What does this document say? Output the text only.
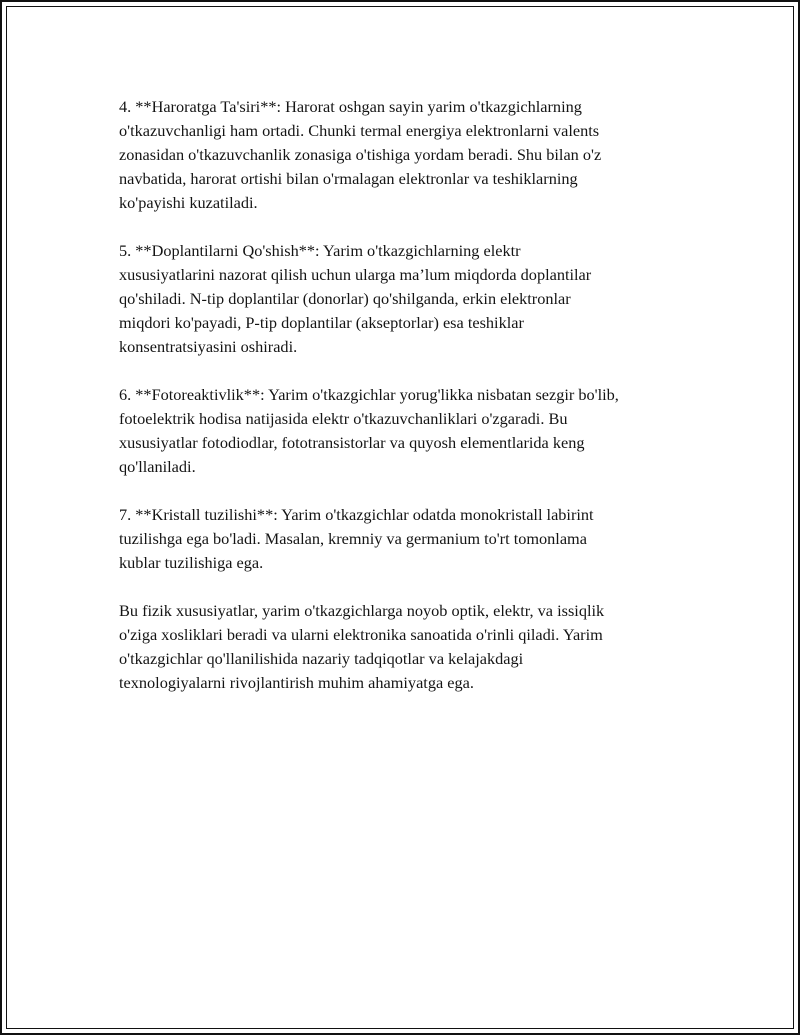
4. **Haroratga Ta'siri**: Harorat oshgan sayin yarim o'tkazgichlarning
o'tkazuvchanligi ham ortadi. Chunki termal energiya elektronlarni valents
zonasidan o'tkazuvchanlik zonasiga o'tishiga yordam beradi. Shu bilan o'z
navbatida, harorat ortishi bilan o'rmalagan elektronlar va teshiklarning
ko'payishi kuzatiladi.

5. **Doplantilarni Qo'shish**: Yarim o'tkazgichlarning elektr
xususiyatlarini nazorat qilish uchun ularga ma’lum miqdorda doplantilar
qo'shiladi. N-tip doplantilar (donorlar) qo'shilganda, erkin elektronlar
miqdori ko'payadi, P-tip doplantilar (akseptorlar) esa teshiklar
konsentratsiyasini oshiradi.

6. **Fotoreaktivlik**: Yarim o'tkazgichlar yorug'likka nisbatan sezgir bo'lib,
fotoelektrik hodisa natijasida elektr o'tkazuvchanliklari o'zgaradi. Bu
xususiyatlar fotodiodlar, fototransistorlar va quyosh elementlarida keng
qo'llaniladi.

7. **Kristall tuzilishi**: Yarim o'tkazgichlar odatda monokristall labirint
tuzilishga ega bo'ladi. Masalan, kremniy va germanium to'rt tomonlama
kublar tuzilishiga ega.

Bu fizik xususiyatlar, yarim o'tkazgichlarga noyob optik, elektr, va issiqlik
o'ziga xosliklari beradi va ularni elektronika sanoatida o'rinli qiladi. Yarim
o'tkazgichlar qo'llanilishida nazariy tadqiqotlar va kelajakdagi
texnologiyalarni rivojlantirish muhim ahamiyatga ega.
